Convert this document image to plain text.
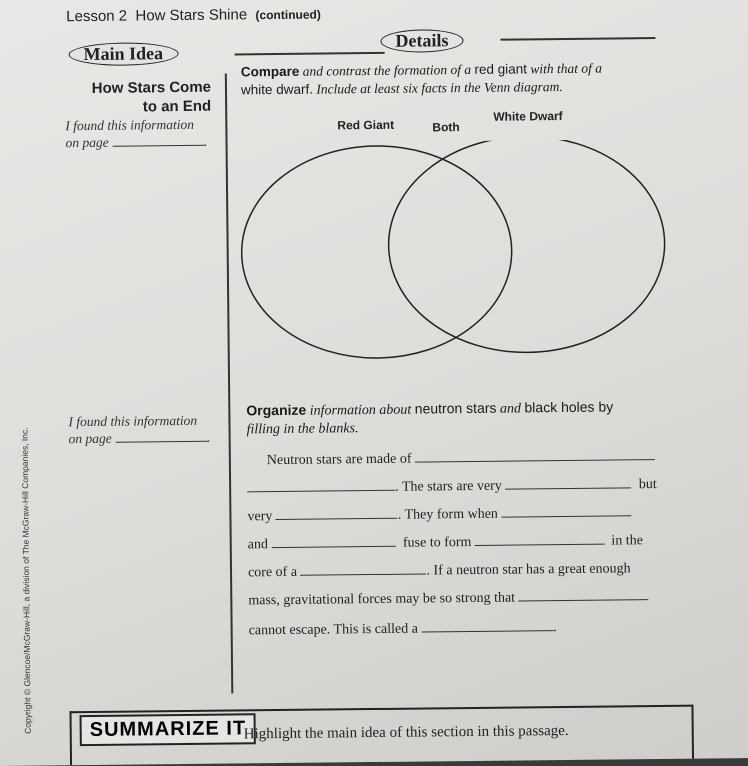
Lesson 2 How Stars Shine (continued)
Main Idea
Details
How Stars Come
to an End
I found this information
on page	.
I found this information
on page	.
Compare and contrast the formation of a red giant with that of a
white dwarf. Include at least six facts in the Venn diagram.
Red Giant	Both
White Dwarf
Organize information about neutron stars and black holes by
filling in the blanks.
Neutron stars are made of
. The stars are very	but
very	. They form when
and	fuse to form	in the
core of a	. If a neutron star has a great enough
mass, gravitational forces may be so strong that
cannot escape. This is called a	.
SUMMARIZE IT
Highlight the main idea of this section in this passage.
Copyright © Glencoe/McGraw-Hill, a division of The McGraw-Hill Companies, Inc.
